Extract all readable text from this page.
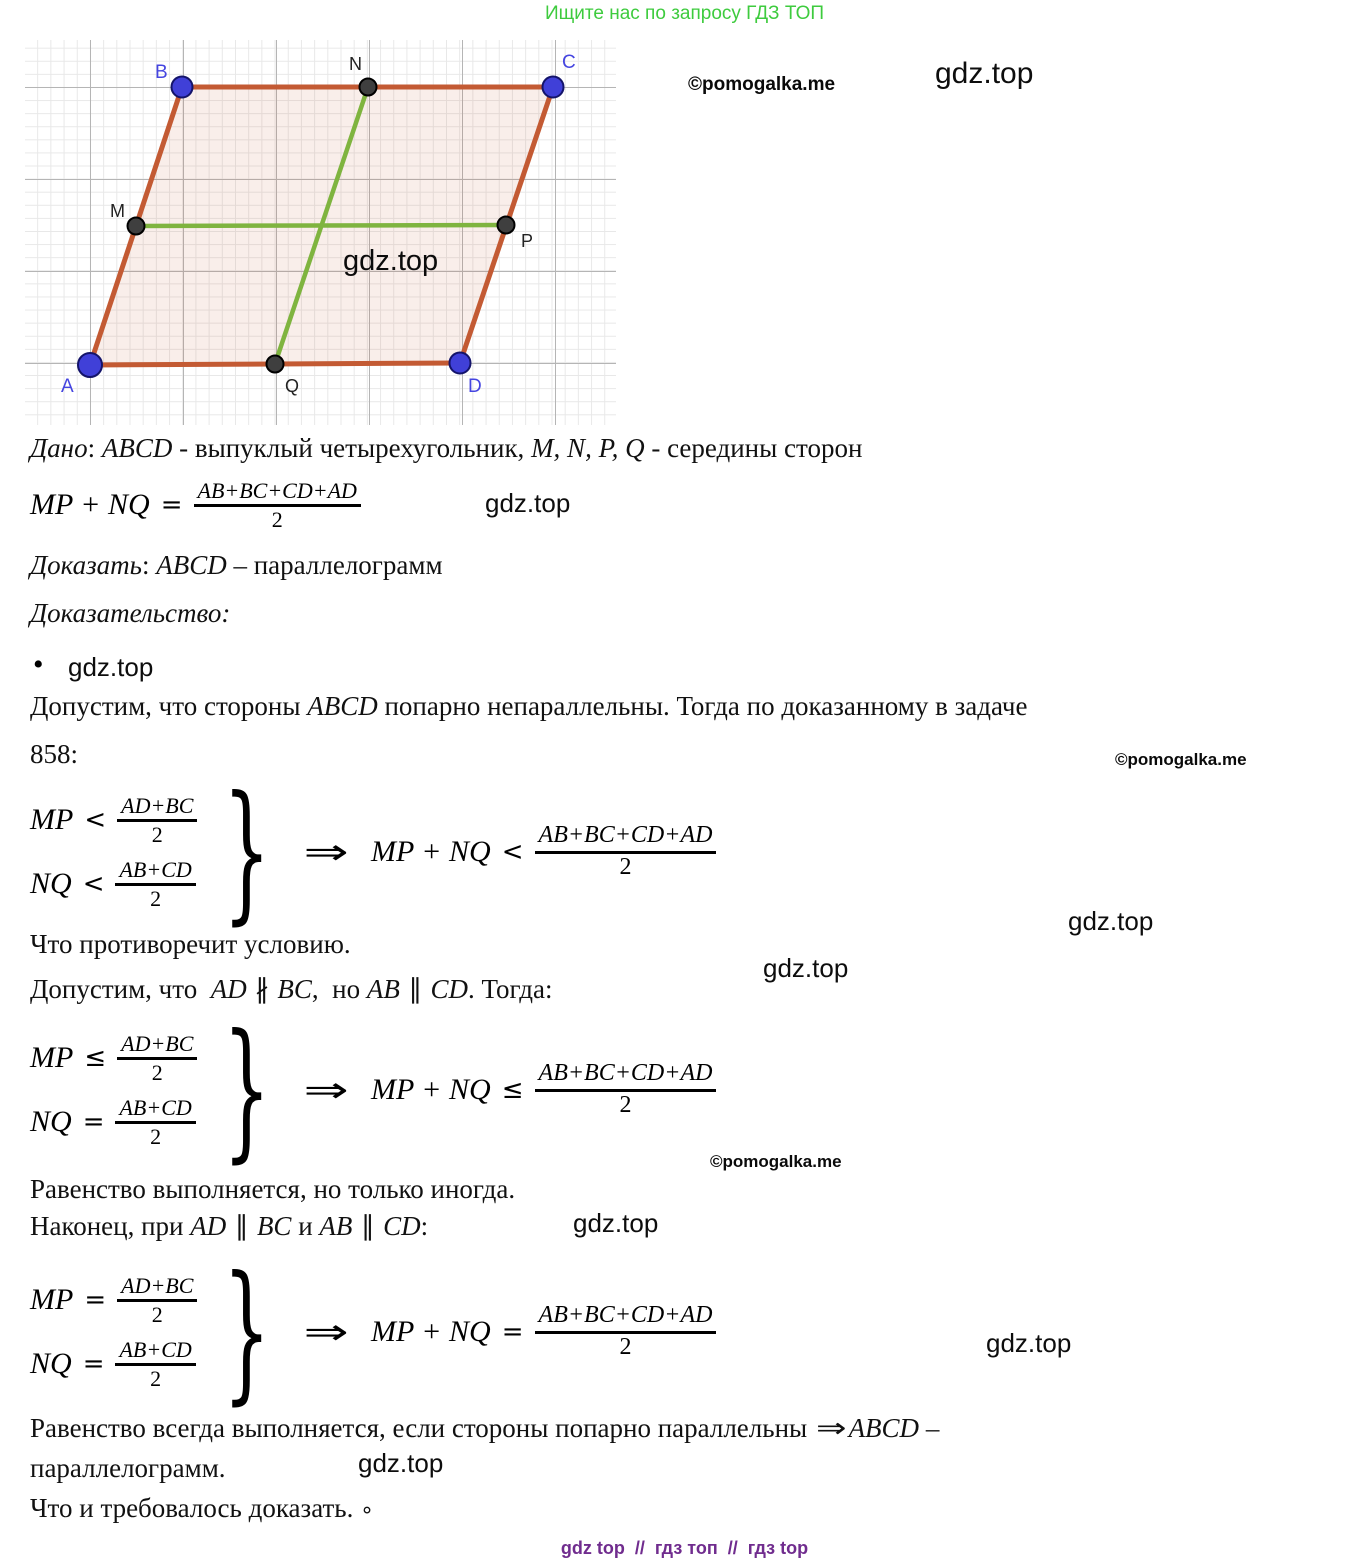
Ищите нас по запросу ГДЗ ТОП
A
B	C
D
M
N
P
Q
gdz.top
©pomogalka.me	gdz.top
Дано: ABCD - выпуклый четырехугольник, M, N, P, Q - середины сторон
MP + NQ = $\frac{AB+BC+CD+AD}{2}$	gdz.top
Доказать: ABCD – параллелограмм
Доказательство:
• gdz.top
Допустим, что стороны ABCD попарно непараллельны. Тогда по доказанному в задаче
858:	©pomogalka.me
MP < $\frac{AD+BC}{2}$
NQ < $\frac{AB+CD}{2}$ } ⇒ MP + NQ < $\frac{AB+BC+CD+AD}{2}$
gdz.top
Что противоречит условию.
gdz.top
Допустим, что  AD ∦ BC,  но AB ∥ CD. Тогда:
MP ≤ $\frac{AD+BC}{2}$
NQ = $\frac{AB+CD}{2}$ } ⇒ MP + NQ ≤ $\frac{AB+BC+CD+AD}{2}$
©pomogalka.me
Равенство выполняется, но только иногда.
Наконец, при AD ∥ BC и AB ∥ CD:	gdz.top
MP = $\frac{AD+BC}{2}$
NQ = $\frac{AB+CD}{2}$ } ⇒ MP + NQ = $\frac{AB+BC+CD+AD}{2}$	gdz.top
Равенство всегда выполняется, если стороны попарно параллельны ⇒ABCD –
параллелограмм.	gdz.top
Что и требовалось доказать. ∘
gdz top  //  гдз топ  //  гдз top
